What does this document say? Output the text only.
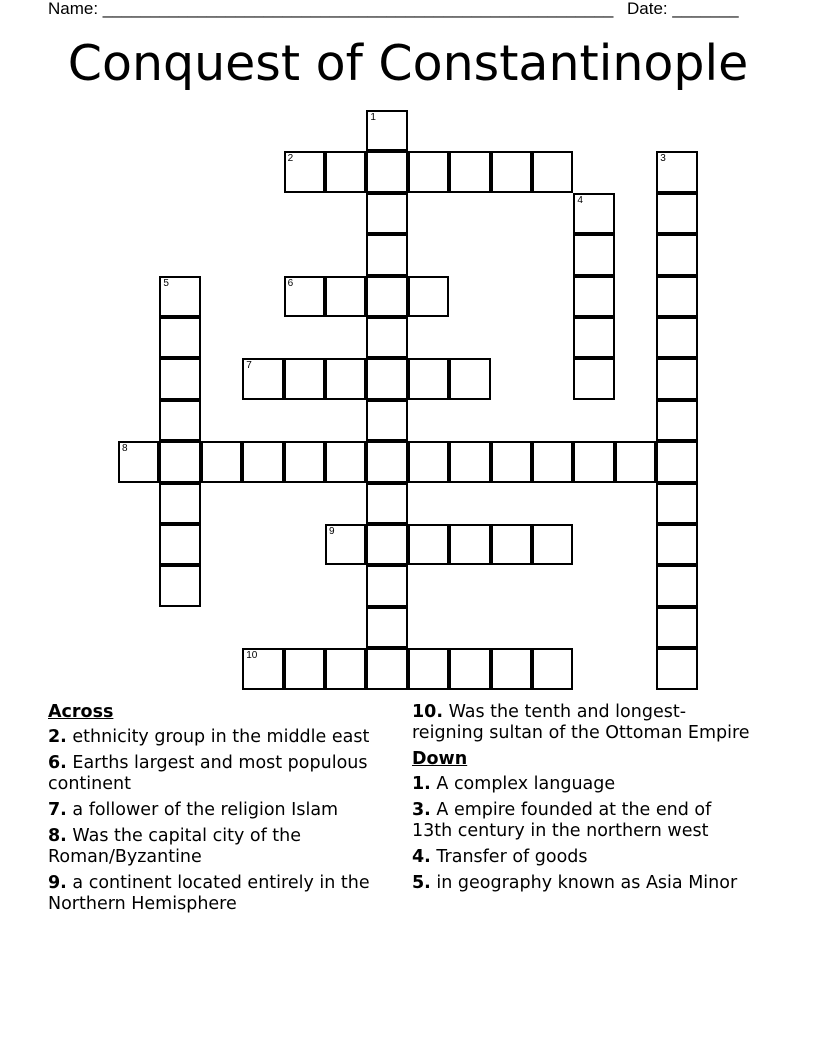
Name: ______________________________________________________ Date: _______
Conquest of Constantinople
1
2	3
4
5	6
7
8
9
10
Across
2. ethnicity group in the middle east
6. Earths largest and most populous continent
7. a follower of the religion Islam
8. Was the capital city of the Roman/Byzantine
9. a continent located entirely in the Northern Hemisphere
10. Was the tenth and longest-reigning sultan of the Ottoman Empire
Down
1. A complex language
3. A empire founded at the end of 13th century in the northern west
4. Transfer of goods
5. in geography known as Asia Minor
